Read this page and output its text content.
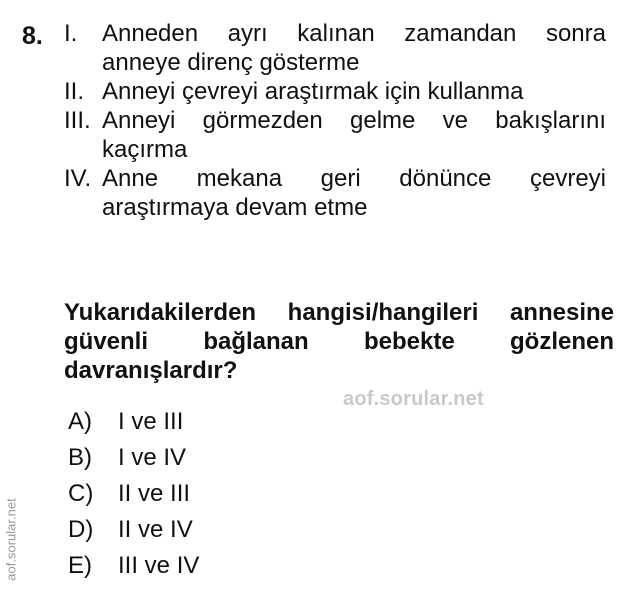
8. I. Anneden ayrı kalınan zamandan sonra
anneye direnç gösterme
II. Anneyi çevreyi araştırmak için kullanma
III. Anneyi görmezden gelme ve bakışlarını
kaçırma
IV. Anne mekana geri dönünce çevreyi
araştırmaya devam etme
Yukarıdakilerden hangisi/hangileri annesine
güvenli bağlanan bebekte gözlenen
davranışlardır?
aof.sorular.net
A) I ve III
B) I ve IV
C) II ve III
D) II ve IV
E) III ve IV
aof.sorular.net
